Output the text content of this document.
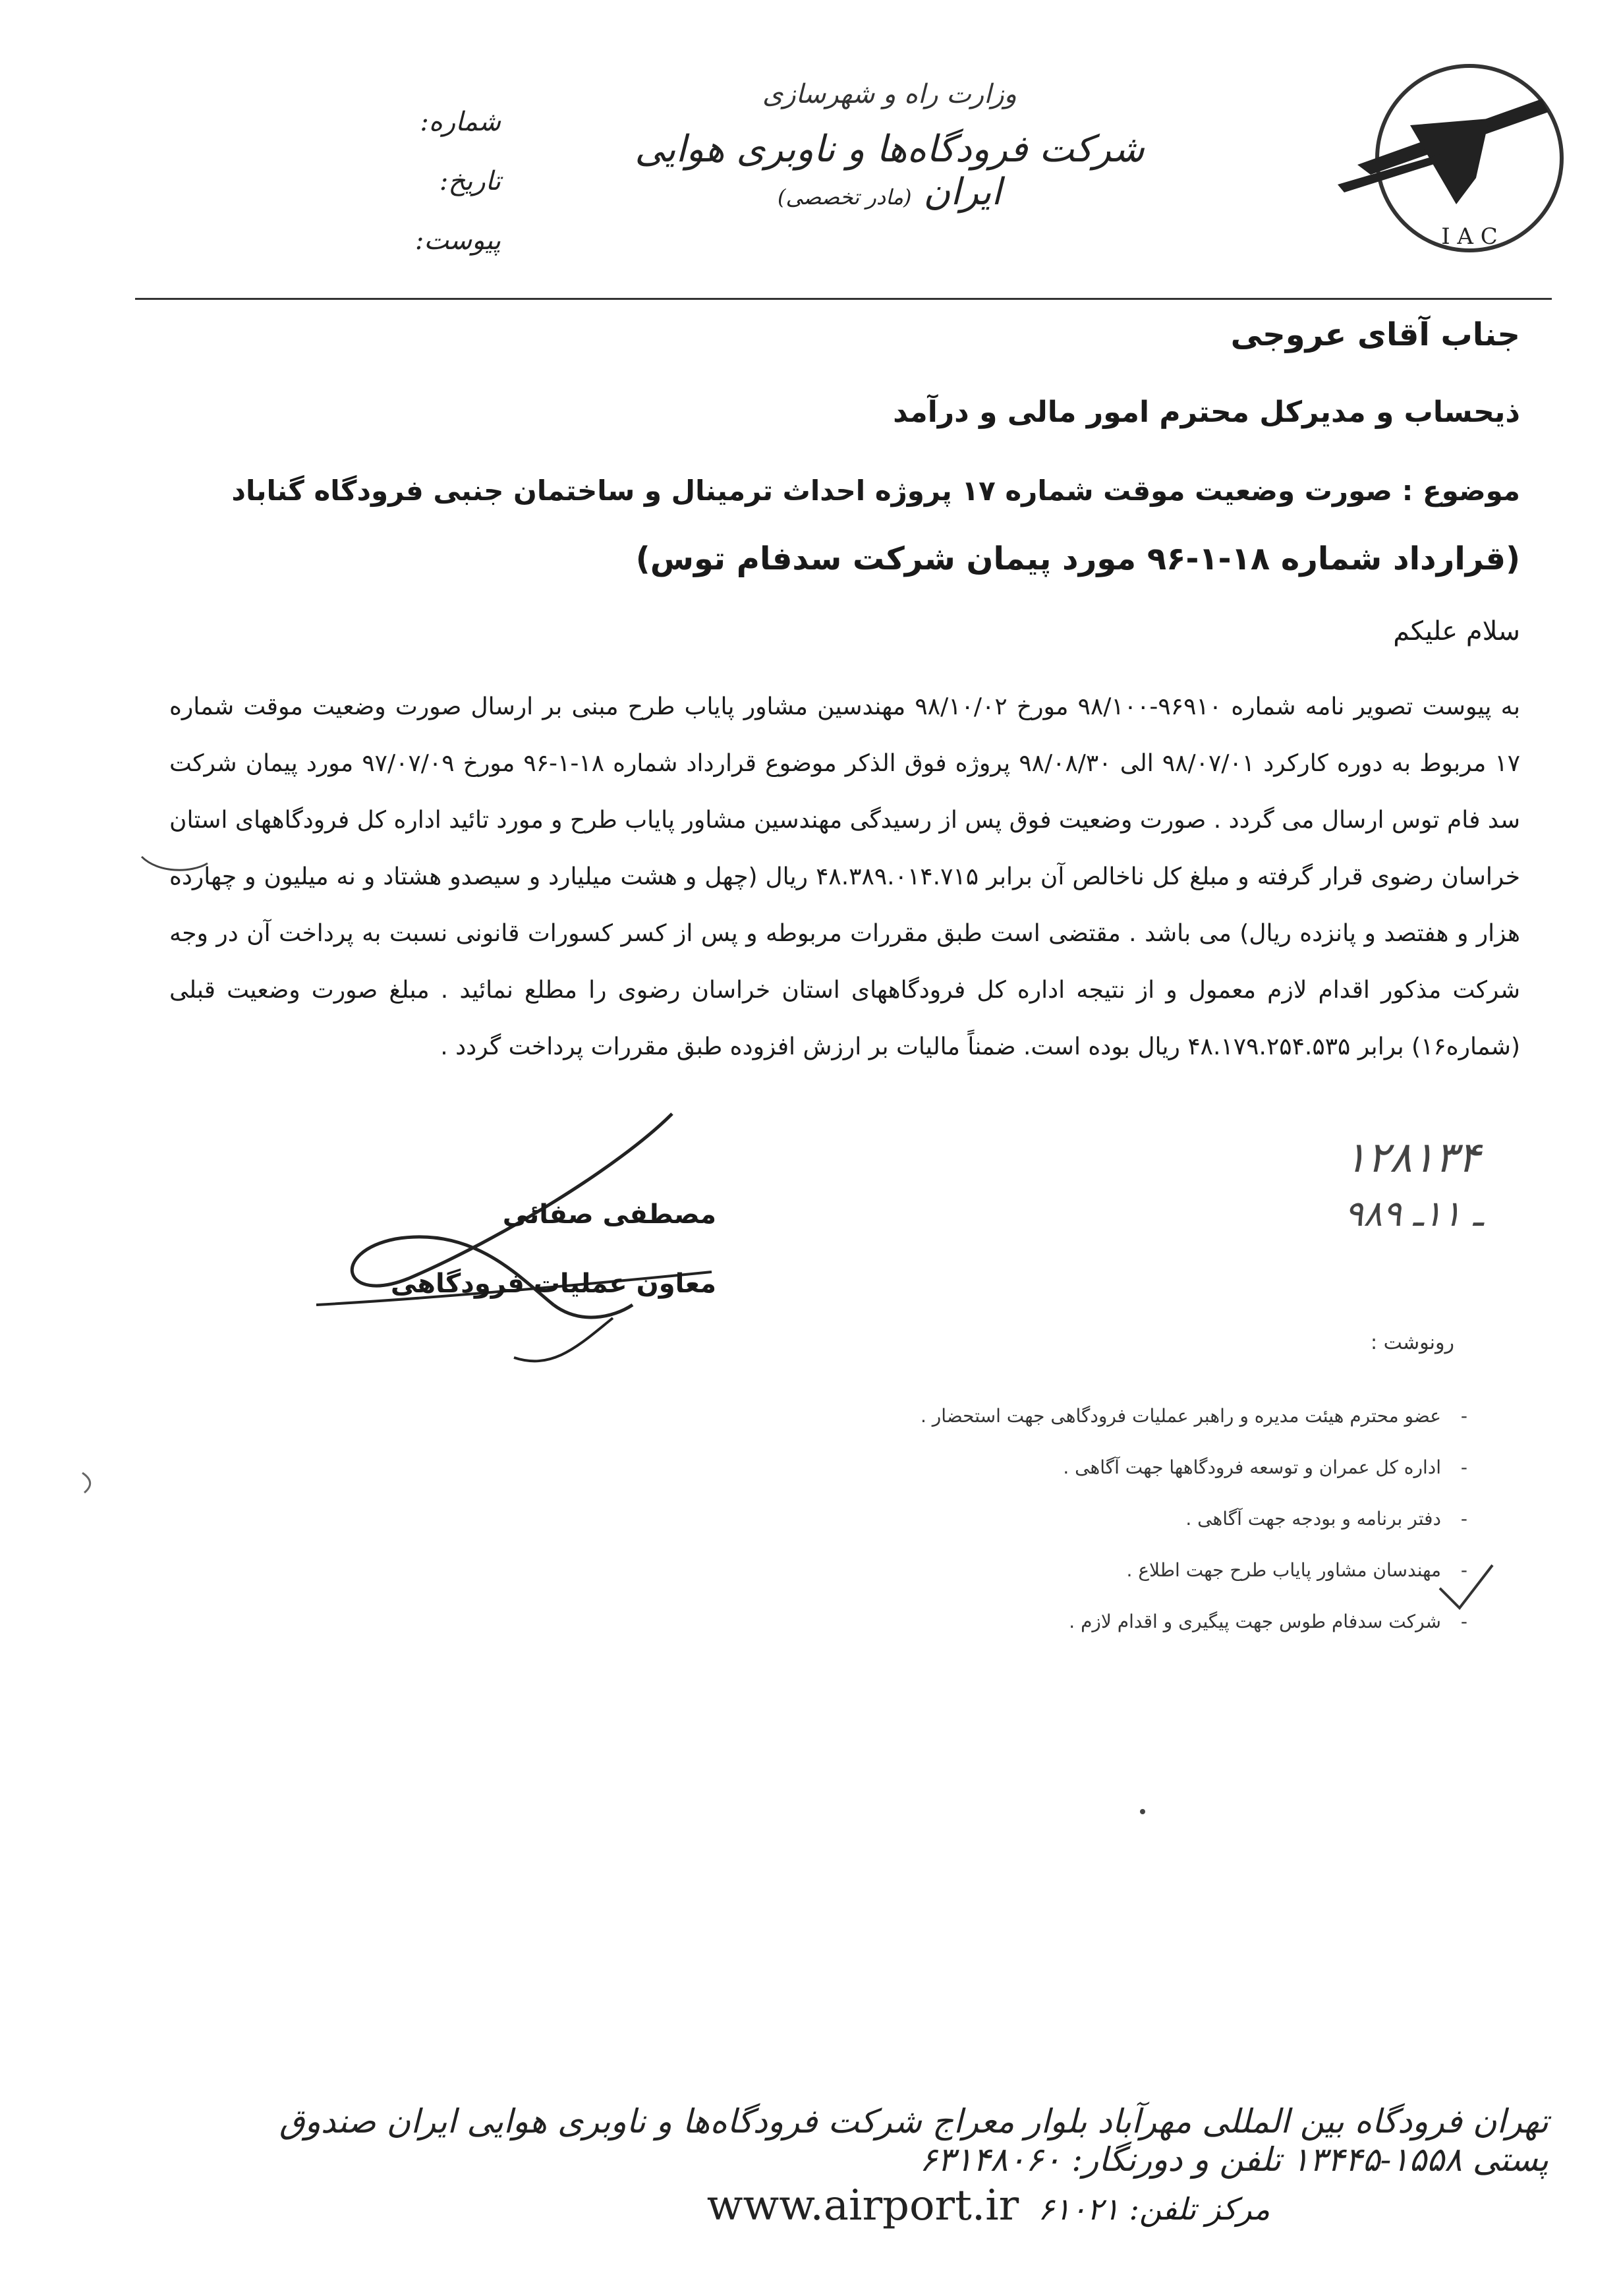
I A C
وزارت راه و شهرسازی
شرکت فرودگاه‌ها و ناوبری هوایی ایران (مادر تخصصی)
شماره:
تاریخ:
پیوست:
جناب آقای عروجی
ذیحساب و مدیرکل محترم امور مالی و درآمد
موضوع : صورت وضعیت موقت شماره ۱۷ پروژه احداث ترمینال و ساختمان جنبی فرودگاه گناباد
(قرارداد شماره ۱۸-۱-۹۶ مورد پیمان شرکت سدفام توس)
سلام علیکم
به پیوست تصویر نامه شماره ۹۶۹۱۰-۹۸/۱۰۰ مورخ ۹۸/۱۰/۰۲ مهندسین مشاور پایاب طرح مبنی بر ارسال صورت وضعیت موقت شماره ۱۷ مربوط به دوره کارکرد ۹۸/۰۷/۰۱ الی ۹۸/۰۸/۳۰ پروژه فوق الذکر موضوع قرارداد شماره ۱۸-۱-۹۶ مورخ ۹۷/۰۷/۰۹ مورد پیمان شرکت سد فام توس ارسال می گردد . صورت وضعیت فوق پس از رسیدگی مهندسین مشاور پایاب طرح و مورد تائید اداره کل فرودگاههای استان خراسان رضوی قرار گرفته و مبلغ کل ناخالص آن برابر ۴۸.۳۸۹.۰۱۴.۷۱۵ ریال (چهل و هشت میلیارد و سیصدو هشتاد و نه میلیون و چهارده هزار و هفتصد و پانزده ریال) می باشد . مقتضی است طبق مقررات مربوطه و پس از کسر کسورات قانونی نسبت به پرداخت آن در وجه شرکت مذکور اقدام لازم معمول و از نتیجه اداره کل فرودگاههای استان خراسان رضوی را مطلع نمائید . مبلغ صورت وضعیت قبلی (شماره۱۶) برابر ۴۸.۱۷۹.۲۵۴.۵۳۵ ریال بوده است. ضمناً مالیات بر ارزش افزوده طبق مقررات پرداخت گردد .
مصطفی صفائی
معاون عملیات فرودگاهی
۱۲۸۱۳۴
۹۸ـ ۱۱ـ ۹
رونوشت :
- عضو محترم هیئت مدیره و راهبر عملیات فرودگاهی جهت استحضار .
- اداره کل عمران و توسعه فرودگاهها جهت آگاهی .
- دفتر برنامه و بودجه جهت آگاهی .
- مهندسان مشاور پایاب طرح جهت اطلاع .
- شرکت سدفام طوس جهت پیگیری و اقدام لازم .
تهران فرودگاه بین المللی مهرآباد بلوار معراج شرکت فرودگاه‌ها و ناوبری هوایی ایران صندوق پستی ۱۵۵۸-۱۳۴۴۵ تلفن و دورنگار: ۶۳۱۴۸۰۶۰
www.airport.ir مرکز تلفن: ۶۱۰۲۱
